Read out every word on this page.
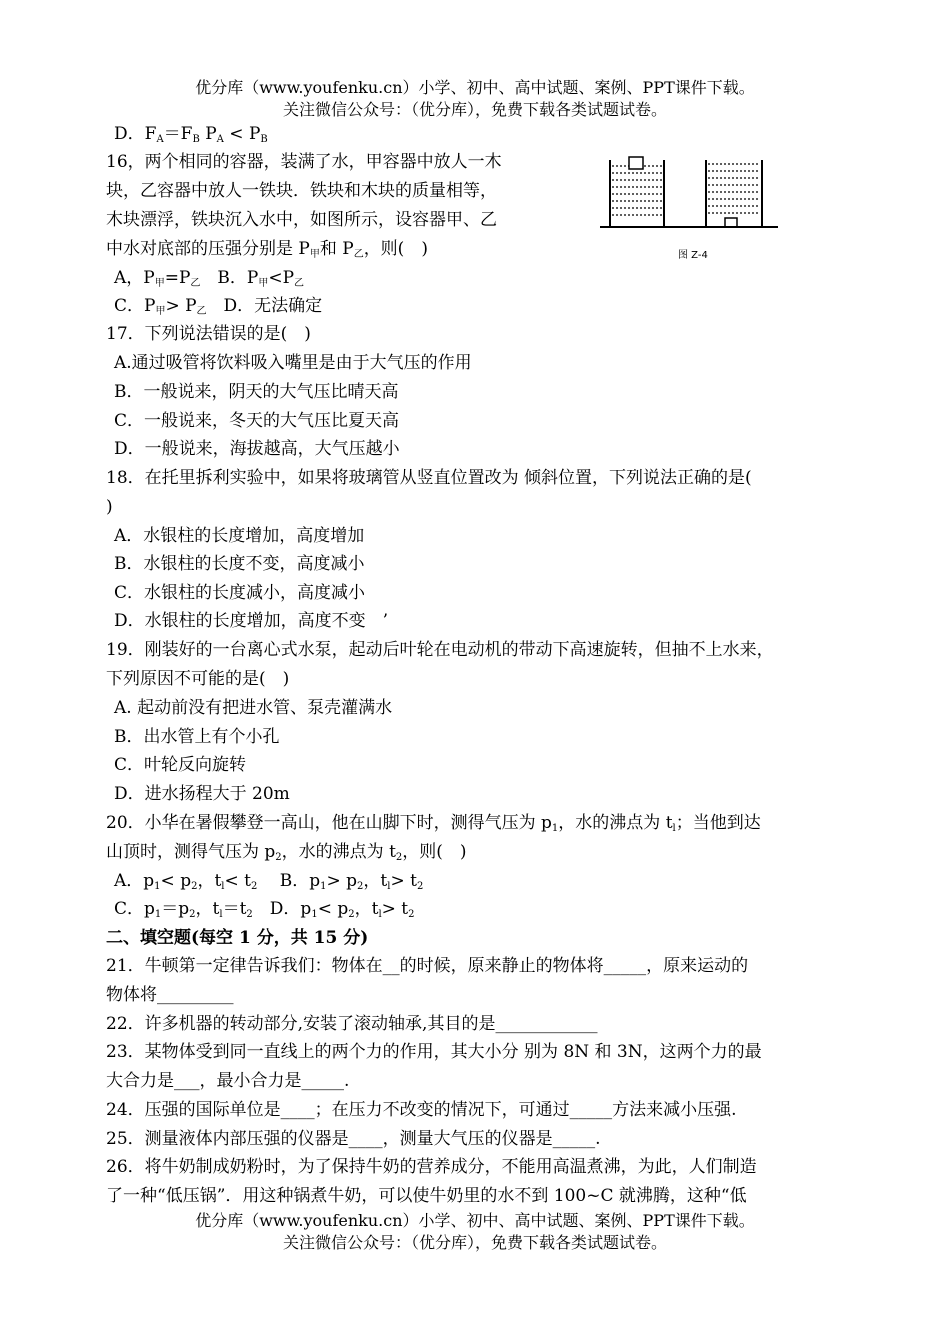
优分库（www.youfenku.cn）小学、初中、高中试题、案例、PPT课件下载。
关注微信公众号：（优分库），免费下载各类试题试卷。
D．$F_A=F_B$ $P_A < P_B$
16，两个相同的容器，装满了水，甲容器中放人一木
块，乙容器中放人一铁块．铁块和木块的质量相等，
木块漂浮，铁块沉入水中，如图所示，设容器甲、乙
中水对底部的压强分别是 $P_甲$和 $P_乙$，则(　)
A，$P_甲=P_乙$　B．$P_甲<P_乙$
C．$P_甲> P_乙$　D．无法确定
图 Z-4
17．下列说法错误的是(　)
A.通过吸管将饮料吸入嘴里是由于大气压的作用
B．一般说来，阴天的大气压比晴天高
C．一般说来，冬天的大气压比夏天高
D．一般说来，海拔越高，大气压越小
18．在托里拆利实验中，如果将玻璃管从竖直位置改为 倾斜位置，下列说法正确的是(
)
A．水银柱的长度增加，高度增加
B．水银柱的长度不变，高度减小
C．水银柱的长度减小，高度减小
D．水银柱的长度增加，高度不变　’
19．刚装好的一台离心式水泵，起动后叶轮在电动机的带动下高速旋转，但抽不上水来，
下列原因不可能的是(　)
A. 起动前没有把进水管、泵壳灌满水
B．出水管上有个小孔
C．叶轮反向旋转
D．进水扬程大于 20m
20．小华在暑假攀登一高山，他在山脚下时，测得气压为 $p_1$，水的沸点为 $t_l$；当他到达
山顶时，测得气压为 $p_2$，水的沸点为 $t_2$，则(　)
A．$p_1< p_2$，$t_l< t_2$　 B．$p_1> p_2$，$t_l> t_2$
C．$p_1=p_2$，$t_l=t_2$　D．$p_1< p_2$，$t_l> t_2$
二、填空题(每空 1 分，共 15 分)
21．牛顿第一定律告诉我们：物体在__的时候，原来静止的物体将_____，原来运动的
物体将_________
22．许多机器的转动部分,安装了滚动轴承,其目的是____________
23．某物体受到同一直线上的两个力的作用，其大小分 别为 8N 和 3N，这两个力的最
大合力是___，最小合力是_____.
24．压强的国际单位是____；在压力不改变的情况下，可通过_____方法来减小压强.
25．测量液体内部压强的仪器是____，测量大气压的仪器是_____.
26．将牛奶制成奶粉时，为了保持牛奶的营养成分，不能用高温煮沸，为此，人们制造
了一种“低压锅”．用这种锅煮牛奶，可以使牛奶里的水不到 100~C 就沸腾，这种“低
优分库（www.youfenku.cn）小学、初中、高中试题、案例、PPT课件下载。
关注微信公众号：（优分库），免费下载各类试题试卷。
